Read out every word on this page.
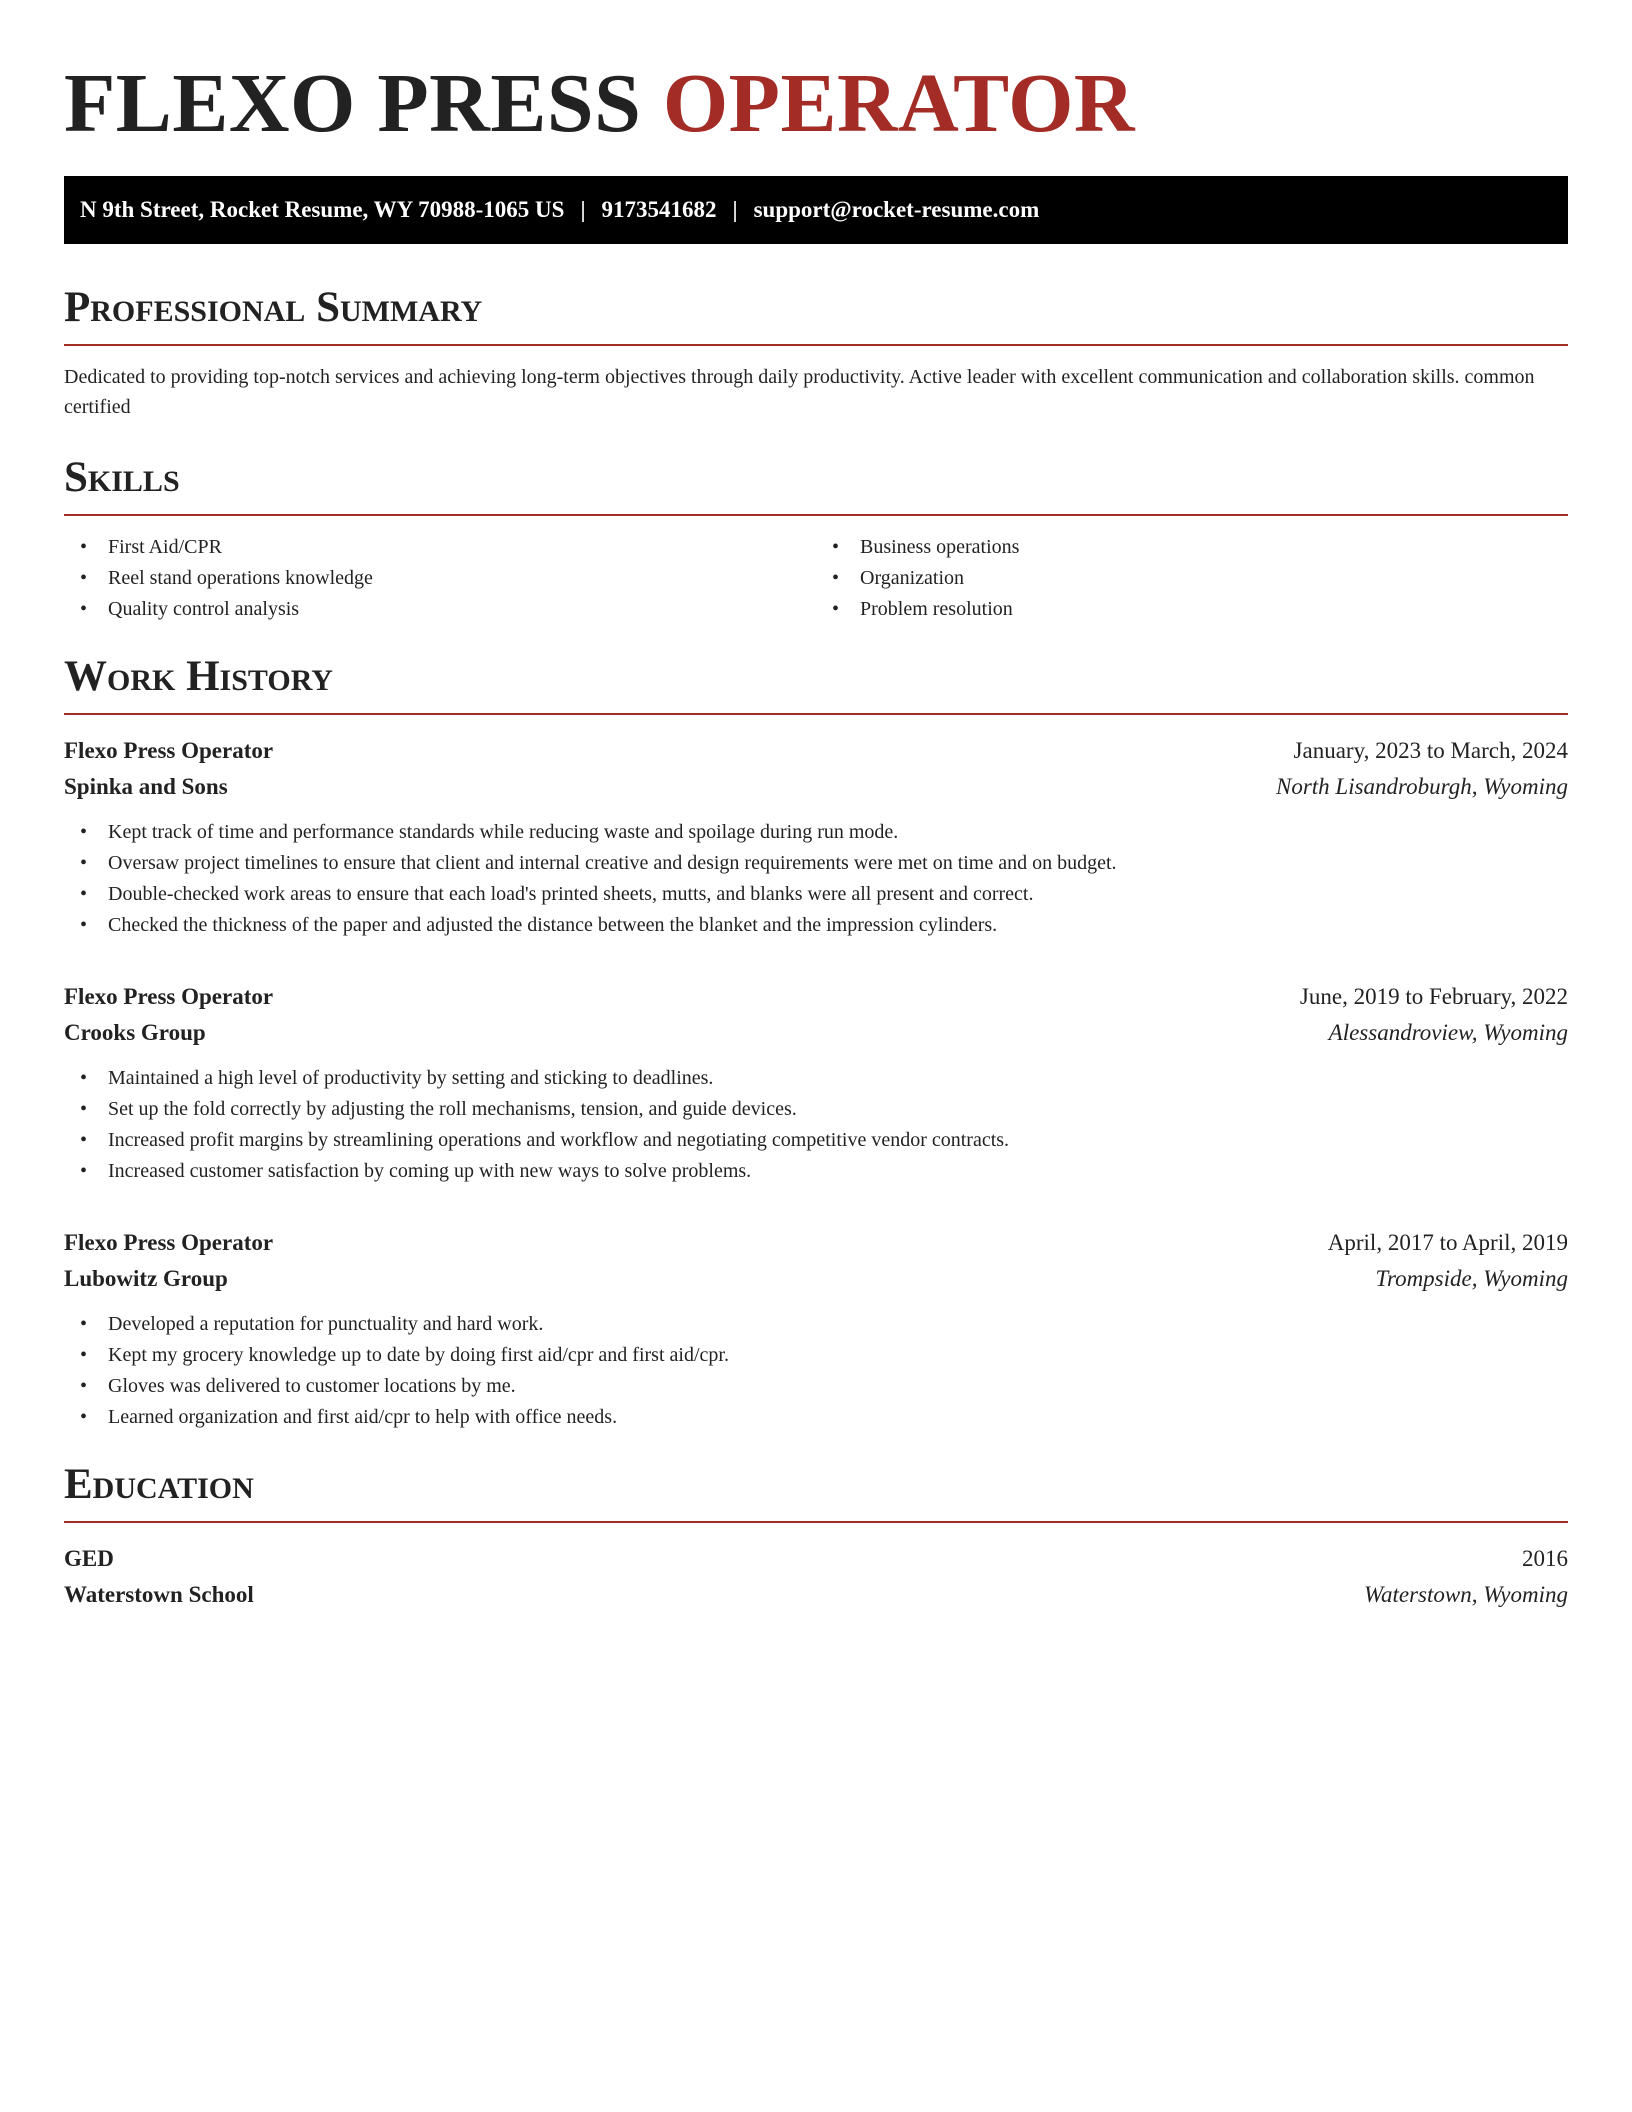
FLEXO PRESS OPERATOR
N 9th Street, Rocket Resume, WY 70988-1065 US | 9173541682 | support@rocket-resume.com
Professional Summary

Dedicated to providing top-notch services and achieving long-term objectives through daily productivity. Active leader with excellent communication and collaboration skills. common certified

Skills
• First Aid/CPR
• Reel stand operations knowledge
• Quality control analysis
• Business operations
• Organization
• Problem resolution
Work History
Flexo Press Operator	January, 2023 to March, 2024
Spinka and Sons	North Lisandroburgh, Wyoming
• Kept track of time and performance standards while reducing waste and spoilage during run mode.
• Oversaw project timelines to ensure that client and internal creative and design requirements were met on time and on budget.
• Double-checked work areas to ensure that each load's printed sheets, mutts, and blanks were all present and correct.
• Checked the thickness of the paper and adjusted the distance between the blanket and the impression cylinders.
Flexo Press Operator	June, 2019 to February, 2022
Crooks Group	Alessandroview, Wyoming
• Maintained a high level of productivity by setting and sticking to deadlines.
• Set up the fold correctly by adjusting the roll mechanisms, tension, and guide devices.
• Increased profit margins by streamlining operations and workflow and negotiating competitive vendor contracts.
• Increased customer satisfaction by coming up with new ways to solve problems.
Flexo Press Operator	April, 2017 to April, 2019
Lubowitz Group	Trompside, Wyoming
• Developed a reputation for punctuality and hard work.
• Kept my grocery knowledge up to date by doing first aid/cpr and first aid/cpr.
• Gloves was delivered to customer locations by me.
• Learned organization and first aid/cpr to help with office needs.
Education
GED	2016
Waterstown School	Waterstown, Wyoming
